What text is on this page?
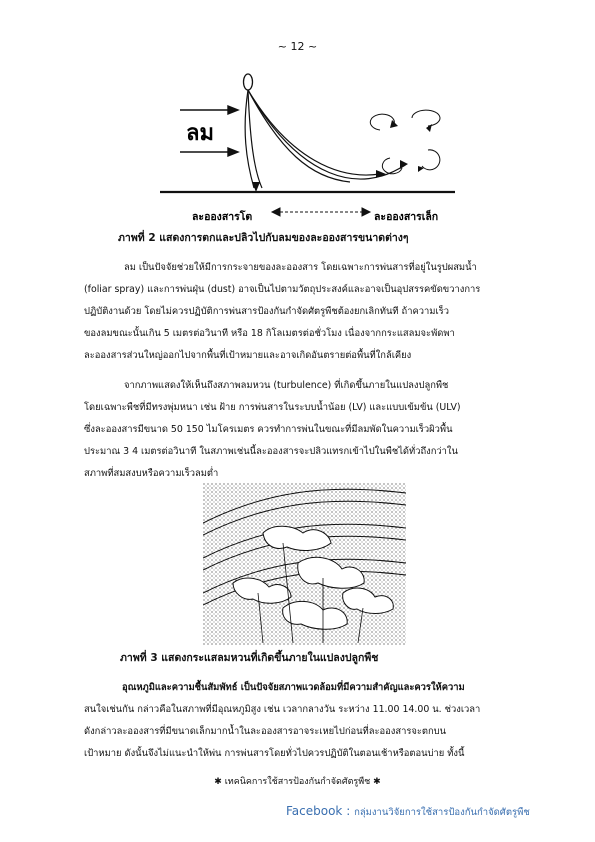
~ 12 ~
ลม
ละอองสารโต	ละอองสารเล็ก
ภาพที่ 2 แสดงการตกและปลิวไปกับลมของละอองสารขนาดต่างๆ
ลม เป็นปัจจัยช่วยให้มีการกระจายของละอองสาร โดยเฉพาะการพ่นสารที่อยู่ในรูปผสมน้ำ
(foliar spray) และการพ่นฝุ่น (dust) อาจเป็นไปตามวัตถุประสงค์และอาจเป็นอุปสรรคขัดขวางการ
ปฏิบัติงานด้วย โดยไม่ควรปฏิบัติการพ่นสารป้องกันกำจัดศัตรูพืชต้องยกเลิกทันที ถ้าความเร็ว
ของลมขณะนั้นเกิน 5 เมตรต่อวินาที หรือ 18 กิโลเมตรต่อชั่วโมง เนื่องจากกระแสลมจะพัดพา
ละอองสารส่วนใหญ่ออกไปจากพื้นที่เป้าหมายและอาจเกิดอันตรายต่อพื้นที่ใกล้เคียง
จากภาพแสดงให้เห็นถึงสภาพลมหวน (turbulence) ที่เกิดขึ้นภายในแปลงปลูกพืช
โดยเฉพาะพืชที่มีทรงพุ่มหนา เช่น ฝ้าย การพ่นสารในระบบน้ำน้อย (LV) และแบบเข้มข้น (ULV)
ซึ่งละอองสารมีขนาด 50 150 ไมโครเมตร ควรทำการพ่นในขณะที่มีลมพัดในความเร็วผิวพื้น
ประมาณ 3 4 เมตรต่อวินาที ในสภาพเช่นนี้ละอองสารจะปลิวแทรกเข้าไปในพืชได้ทั่วถึงกว่าใน
สภาพที่สมสงบหรือความเร็วลมต่ำ
ภาพที่ 3 แสดงกระแสลมหวนที่เกิดขึ้นภายในแปลงปลูกพืช
อุณหภูมิและความชื้นสัมพัทธ์ เป็นปัจจัยสภาพแวดล้อมที่มีความสำคัญและควรให้ความ
สนใจเช่นกัน กล่าวคือในสภาพที่มีอุณหภูมิสูง เช่น เวลากลางวัน ระหว่าง 11.00 14.00 น. ช่วงเวลา
ดังกล่าวละอองสารที่มีขนาดเล็กมากน้ำในละอองสารอาจระเหยไปก่อนที่ละอองสารจะตกบน
เป้าหมาย ดังนั้นจึงไม่แนะนำให้พ่น การพ่นสารโดยทั่วไปควรปฏิบัติในตอนเช้าหรือตอนบ่าย ทั้งนี้
✱ เทคนิคการใช้สารป้องกันกำจัดศัตรูพืช ✱
Facebook : กลุ่มงานวิจัยการใช้สารป้องกันกำจัดศัตรูพืช
